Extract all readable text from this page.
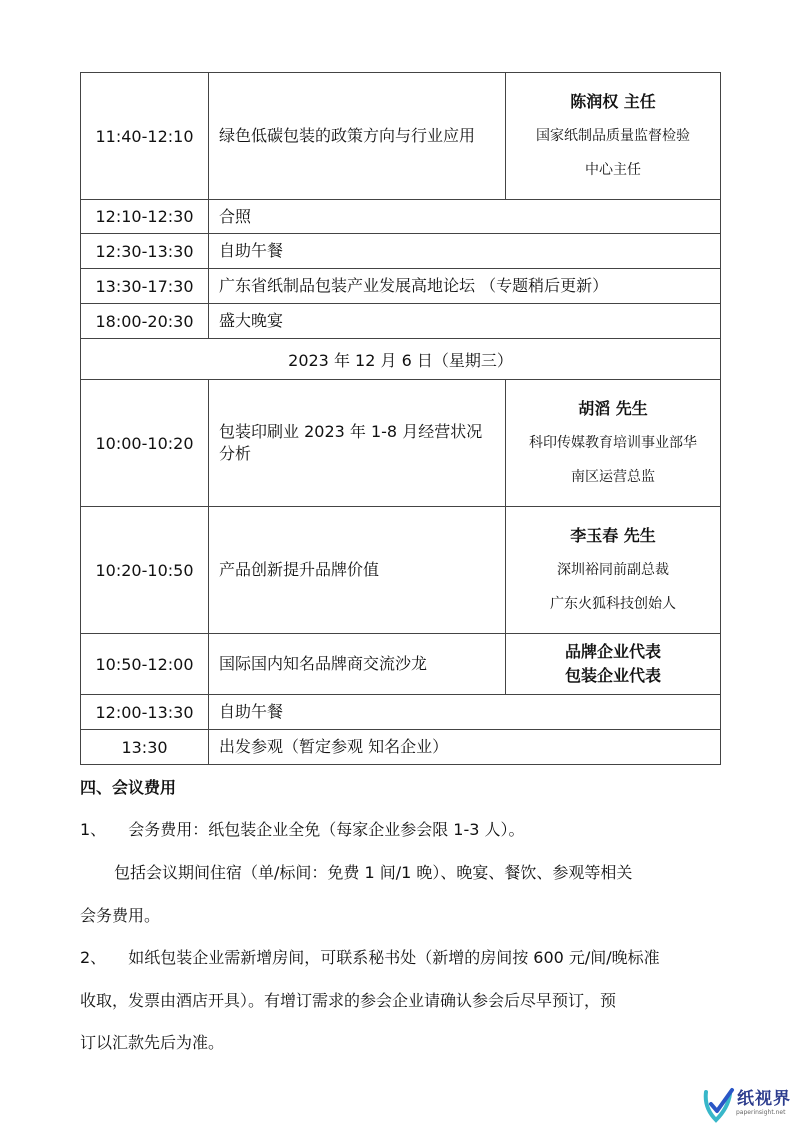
11:40-12:10	绿色低碳包装的政策方向与行业应用	陈润权 主任
国家纸制品质量监督检验
中心主任

12:10-12:30	合照	
12:30-13:30	自助午餐	
13:30-17:30	广东省纸制品包装产业发展高地论坛 （专题稍后更新）	
18:00-20:30	盛大晚宴	
2023 年 12 月 6 日（星期三）		
10:00-10:20	包装印刷业 2023 年 1-8 月经营状况分析	胡滔 先生
科印传媒教育培训事业部华
南区运营总监

10:20-10:50	产品创新提升品牌价值	李玉春 先生
深圳裕同前副总裁
广东火狐科技创始人

10:50-12:00	国际国内知名品牌商交流沙龙	品牌企业代表
包装企业代表

12:00-13:30	自助午餐	
13:30	出发参观（暂定参观 知名企业）	
四、会议费用
1、 会务费用：纸包装企业全免（每家企业参会限 1-3 人）。
包括会议期间住宿（单/标间：免费 1 间/1 晚）、晚宴、餐饮、参观等相关
会务费用。
2、 如纸包装企业需新增房间，可联系秘书处（新增的房间按 600 元/间/晚标准
收取，发票由酒店开具）。有增订需求的参会企业请确认参会后尽早预订，预
订以汇款先后为准。
纸视界
paperinsight.net
